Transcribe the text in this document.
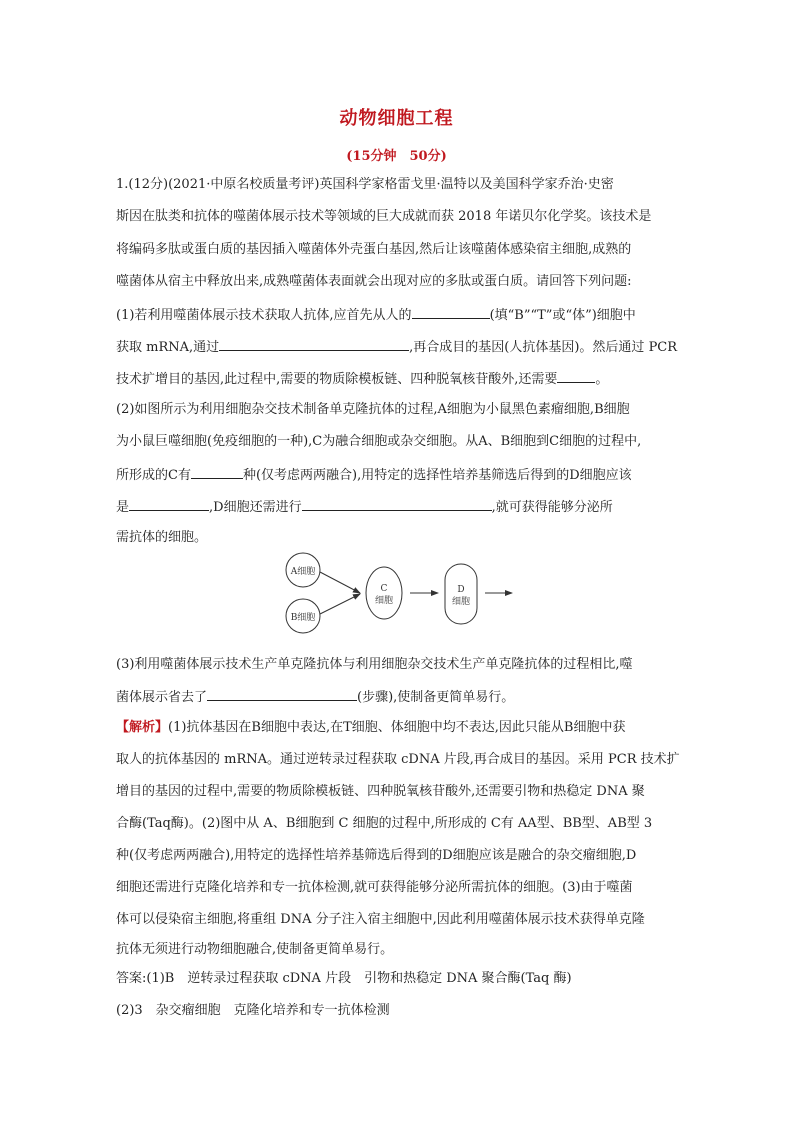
动物细胞工程
(15分钟　50分)
1.(12分)(2021·中原名校质量考评)英国科学家格雷戈里·温特以及美国科学家乔治·史密
斯因在肽类和抗体的噬菌体展示技术等领域的巨大成就而获 2018 年诺贝尔化学奖。该技术是
将编码多肽或蛋白质的基因插入噬菌体外壳蛋白基因,然后让该噬菌体感染宿主细胞,成熟的
噬菌体从宿主中释放出来,成熟噬菌体表面就会出现对应的多肽或蛋白质。请回答下列问题:
(1)若利用噬菌体展示技术获取人抗体,应首先从人的	(填“B”“T”或“体”)细胞中
获取 mRNA,通过	,再合成目的基因(人抗体基因)。然后通过 PCR
技术扩增目的基因,此过程中,需要的物质除模板链、四种脱氧核苷酸外,还需要	。
(2)如图所示为利用细胞杂交技术制备单克隆抗体的过程,A细胞为小鼠黑色素瘤细胞,B细胞
为小鼠巨噬细胞(免疫细胞的一种),C为融合细胞或杂交细胞。从A、B细胞到C细胞的过程中,
所形成的C有	种(仅考虑两两融合),用特定的选择性培养基筛选后得到的D细胞应该
是	,D细胞还需进行	,就可获得能够分泌所
需抗体的细胞。
A细胞
B细胞
C
细胞
D
细胞
(3)利用噬菌体展示技术生产单克隆抗体与利用细胞杂交技术生产单克隆抗体的过程相比,噬
菌体展示省去了	(步骤),使制备更简单易行。
【解析】(1)抗体基因在B细胞中表达,在T细胞、体细胞中均不表达,因此只能从B细胞中获
取人的抗体基因的 mRNA。通过逆转录过程获取 cDNA 片段,再合成目的基因。采用 PCR 技术扩
增目的基因的过程中,需要的物质除模板链、四种脱氧核苷酸外,还需要引物和热稳定 DNA 聚
合酶(Taq酶)。(2)图中从 A、B细胞到 C 细胞的过程中,所形成的 C有 AA型、BB型、AB型 3
种(仅考虑两两融合),用特定的选择性培养基筛选后得到的D细胞应该是融合的杂交瘤细胞,D
细胞还需进行克隆化培养和专一抗体检测,就可获得能够分泌所需抗体的细胞。(3)由于噬菌
体可以侵染宿主细胞,将重组 DNA 分子注入宿主细胞中,因此利用噬菌体展示技术获得单克隆
抗体无须进行动物细胞融合,使制备更简单易行。
答案:(1)B　逆转录过程获取 cDNA 片段　引物和热稳定 DNA 聚合酶(Taq 酶)
(2)3　杂交瘤细胞　克隆化培养和专一抗体检测
